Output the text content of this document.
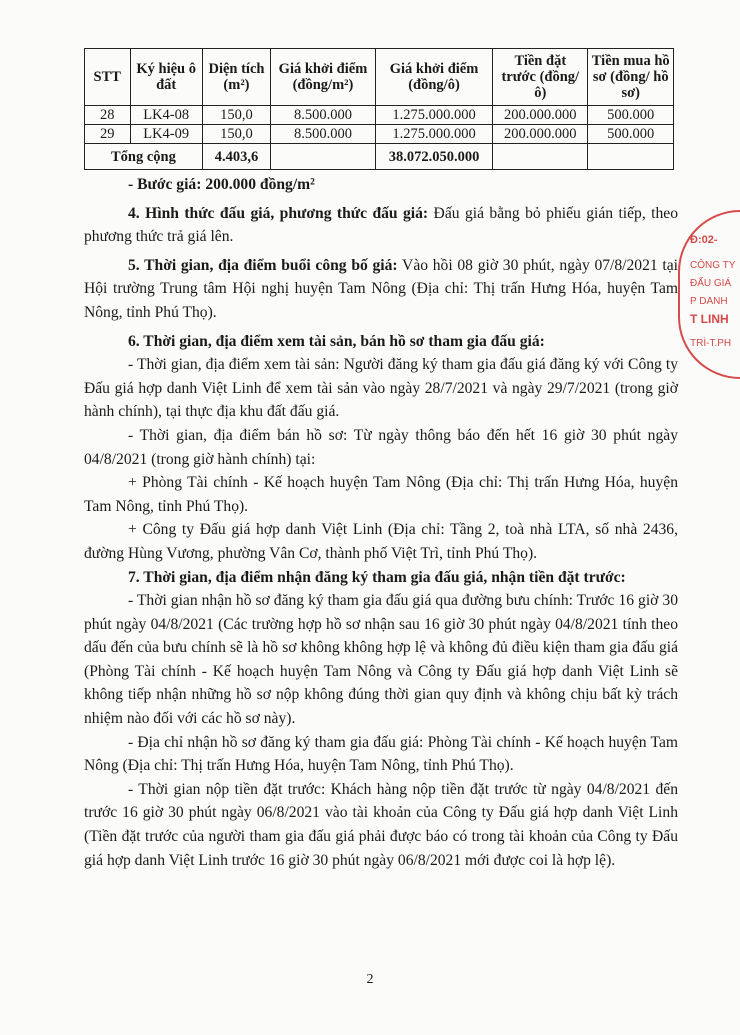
STT	Ký hiệu ô đất	Diện tích (m²)	Giá khởi điểm (đồng/m²)	Giá khởi điểm (đồng/ô)	Tiền đặt trước (đồng/ô)	Tiền mua hồ sơ (đồng/ hồ sơ)
28	LK4-08	150,0	8.500.000	1.275.000.000	200.000.000	500.000
29	LK4-09	150,0	8.500.000	1.275.000.000	200.000.000	500.000
Tổng cộng		4.403,6		38.072.050.000		

- Bước giá: 200.000 đồng/m²

4. Hình thức đấu giá, phương thức đấu giá: Đấu giá bằng bỏ phiếu gián tiếp, theo phương thức trả giá lên.

5. Thời gian, địa điểm buổi công bố giá: Vào hồi 08 giờ 30 phút, ngày 07/8/2021 tại Hội trường Trung tâm Hội nghị huyện Tam Nông (Địa chỉ: Thị trấn Hưng Hóa, huyện Tam Nông, tỉnh Phú Thọ).

6. Thời gian, địa điểm xem tài sản, bán hồ sơ tham gia đấu giá:

- Thời gian, địa điểm xem tài sản: Người đăng ký tham gia đấu giá đăng ký với Công ty Đấu giá hợp danh Việt Linh để xem tài sản vào ngày 28/7/2021 và ngày 29/7/2021 (trong giờ hành chính), tại thực địa khu đất đấu giá.

- Thời gian, địa điểm bán hồ sơ: Từ ngày thông báo đến hết 16 giờ 30 phút ngày 04/8/2021 (trong giờ hành chính) tại:

+ Phòng Tài chính - Kế hoạch huyện Tam Nông (Địa chỉ: Thị trấn Hưng Hóa, huyện Tam Nông, tỉnh Phú Thọ).

+ Công ty Đấu giá hợp danh Việt Linh (Địa chỉ: Tầng 2, toà nhà LTA, số nhà 2436, đường Hùng Vương, phường Vân Cơ, thành phố Việt Trì, tỉnh Phú Thọ).

7. Thời gian, địa điểm nhận đăng ký tham gia đấu giá, nhận tiền đặt trước:

- Thời gian nhận hồ sơ đăng ký tham gia đấu giá qua đường bưu chính: Trước 16 giờ 30 phút ngày 04/8/2021 (Các trường hợp hồ sơ nhận sau 16 giờ 30 phút ngày 04/8/2021 tính theo dấu đến của bưu chính sẽ là hồ sơ không không hợp lệ và không đủ điều kiện tham gia đấu giá (Phòng Tài chính - Kế hoạch huyện Tam Nông và Công ty Đấu giá hợp danh Việt Linh sẽ không tiếp nhận những hồ sơ nộp không đúng thời gian quy định và không chịu bất kỳ trách nhiệm nào đối với các hồ sơ này).

- Địa chỉ nhận hồ sơ đăng ký tham gia đấu giá: Phòng Tài chính - Kế hoạch huyện Tam Nông (Địa chỉ: Thị trấn Hưng Hóa, huyện Tam Nông, tỉnh Phú Thọ).

- Thời gian nộp tiền đặt trước: Khách hàng nộp tiền đặt trước từ ngày 04/8/2021 đến trước 16 giờ 30 phút ngày 06/8/2021 vào tài khoản của Công ty Đấu giá hợp danh Việt Linh (Tiền đặt trước của người tham gia đấu giá phải được báo có trong tài khoản của Công ty Đấu giá hợp danh Việt Linh trước 16 giờ 30 phút ngày 06/8/2021 mới được coi là hợp lệ).

Đ:02-
CÔNG TY
ĐẤU GIÁ
P DANH
T LINH
TRÌ-T.PH
2
